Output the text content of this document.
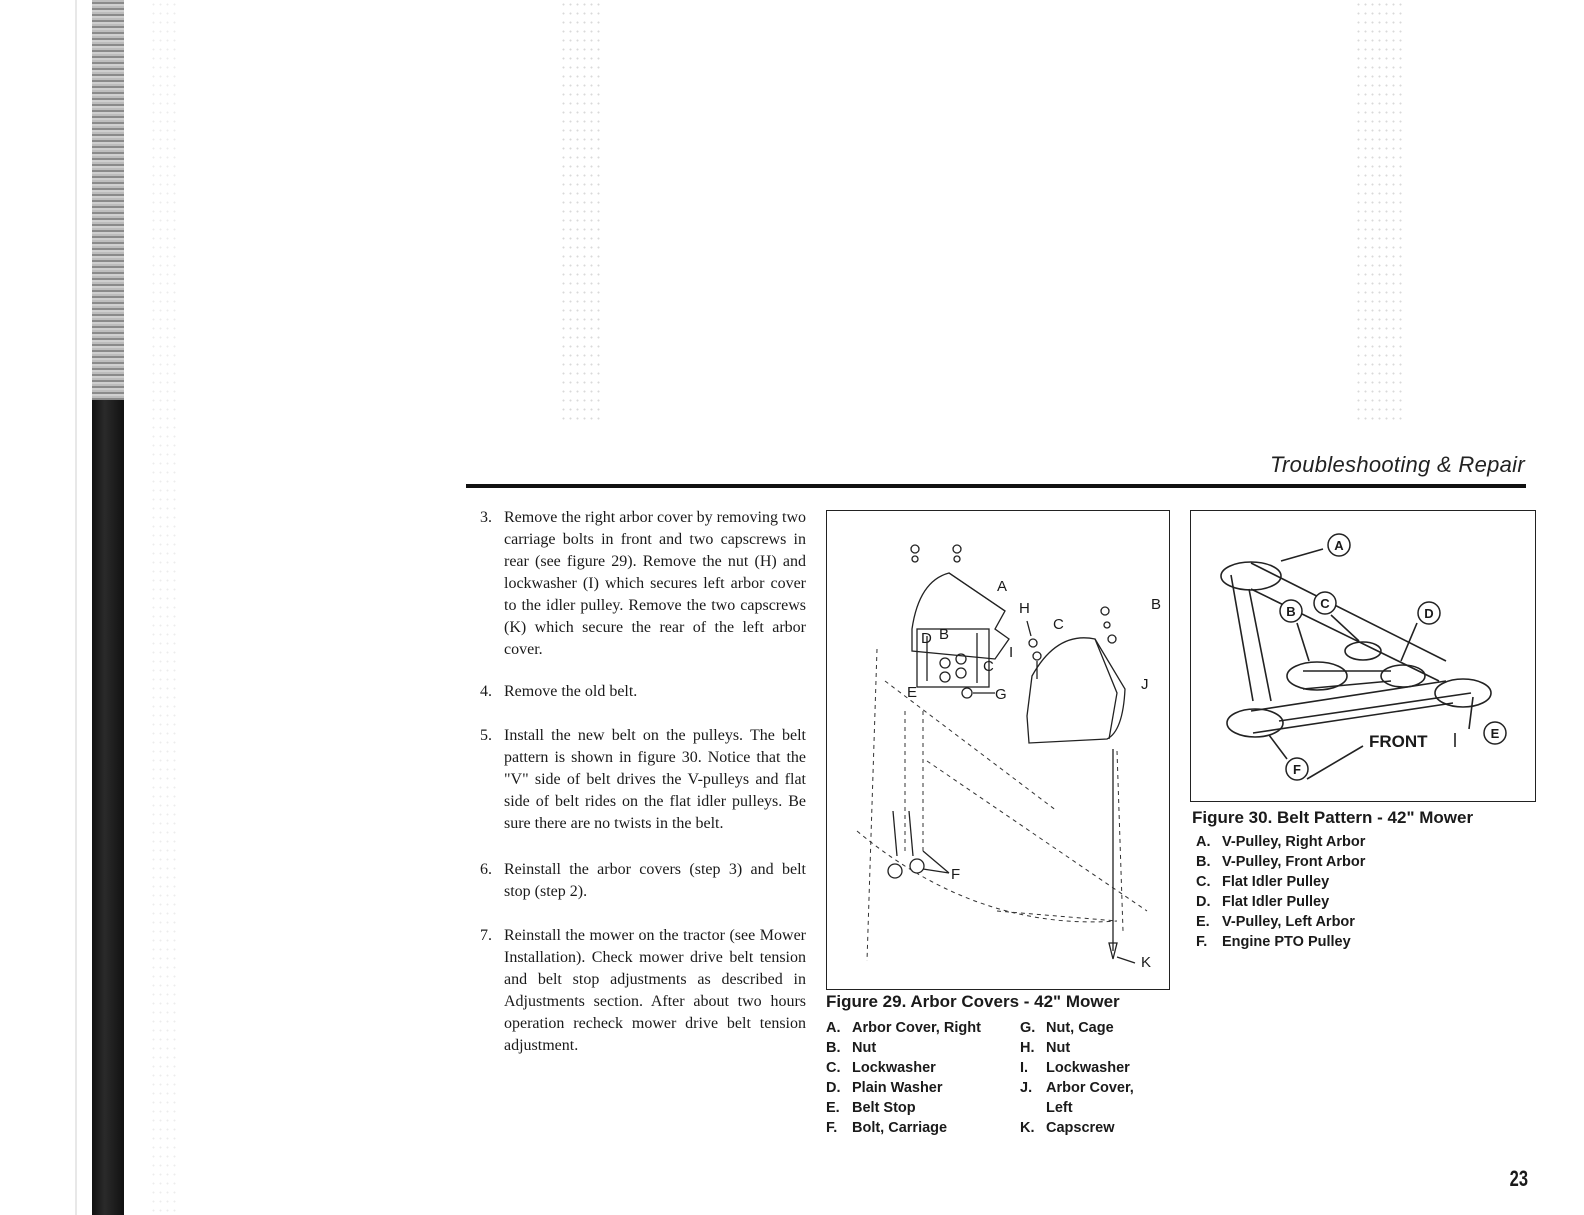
Troubleshooting & Repair
3. Remove the right arbor cover by removing two carriage bolts in front and two capscrews in rear (see figure 29). Remove the nut (H) and lockwasher (I) which secures left arbor cover to the idler pulley. Remove the two capscrews (K) which secure the rear of the left arbor cover.
4. Remove the old belt.
5. Install the new belt on the pulleys. The belt pattern is shown in figure 30. Notice that the "V" side of belt drives the V-pulleys and flat side of belt rides on the flat idler pulleys. Be sure there are no twists in the belt.
6. Reinstall the arbor covers (step 3) and belt stop (step 2).
7. Reinstall the mower on the tractor (see Mower Installation). Check mower drive belt tension and belt stop adjustments as described in Adjustments section. After about two hours operation recheck mower drive belt tension adjustment.
A
B
B
C
C
D
E
F
G
H
I
J
K
Figure 29. Arbor Covers - 42" Mower
A. Arbor Cover, Right
B. Nut
C. Lockwasher
D. Plain Washer
E. Belt Stop
F. Bolt, Carriage
G. Nut, Cage
H. Nut
I. Lockwasher
J. Arbor Cover,
Left
K. Capscrew
A
B
C
D
E
F
FRONT
Figure 30. Belt Pattern - 42" Mower
A. V-Pulley, Right Arbor
B. V-Pulley, Front Arbor
C. Flat Idler Pulley
D. Flat Idler Pulley
E. V-Pulley, Left Arbor
F. Engine PTO Pulley
23
